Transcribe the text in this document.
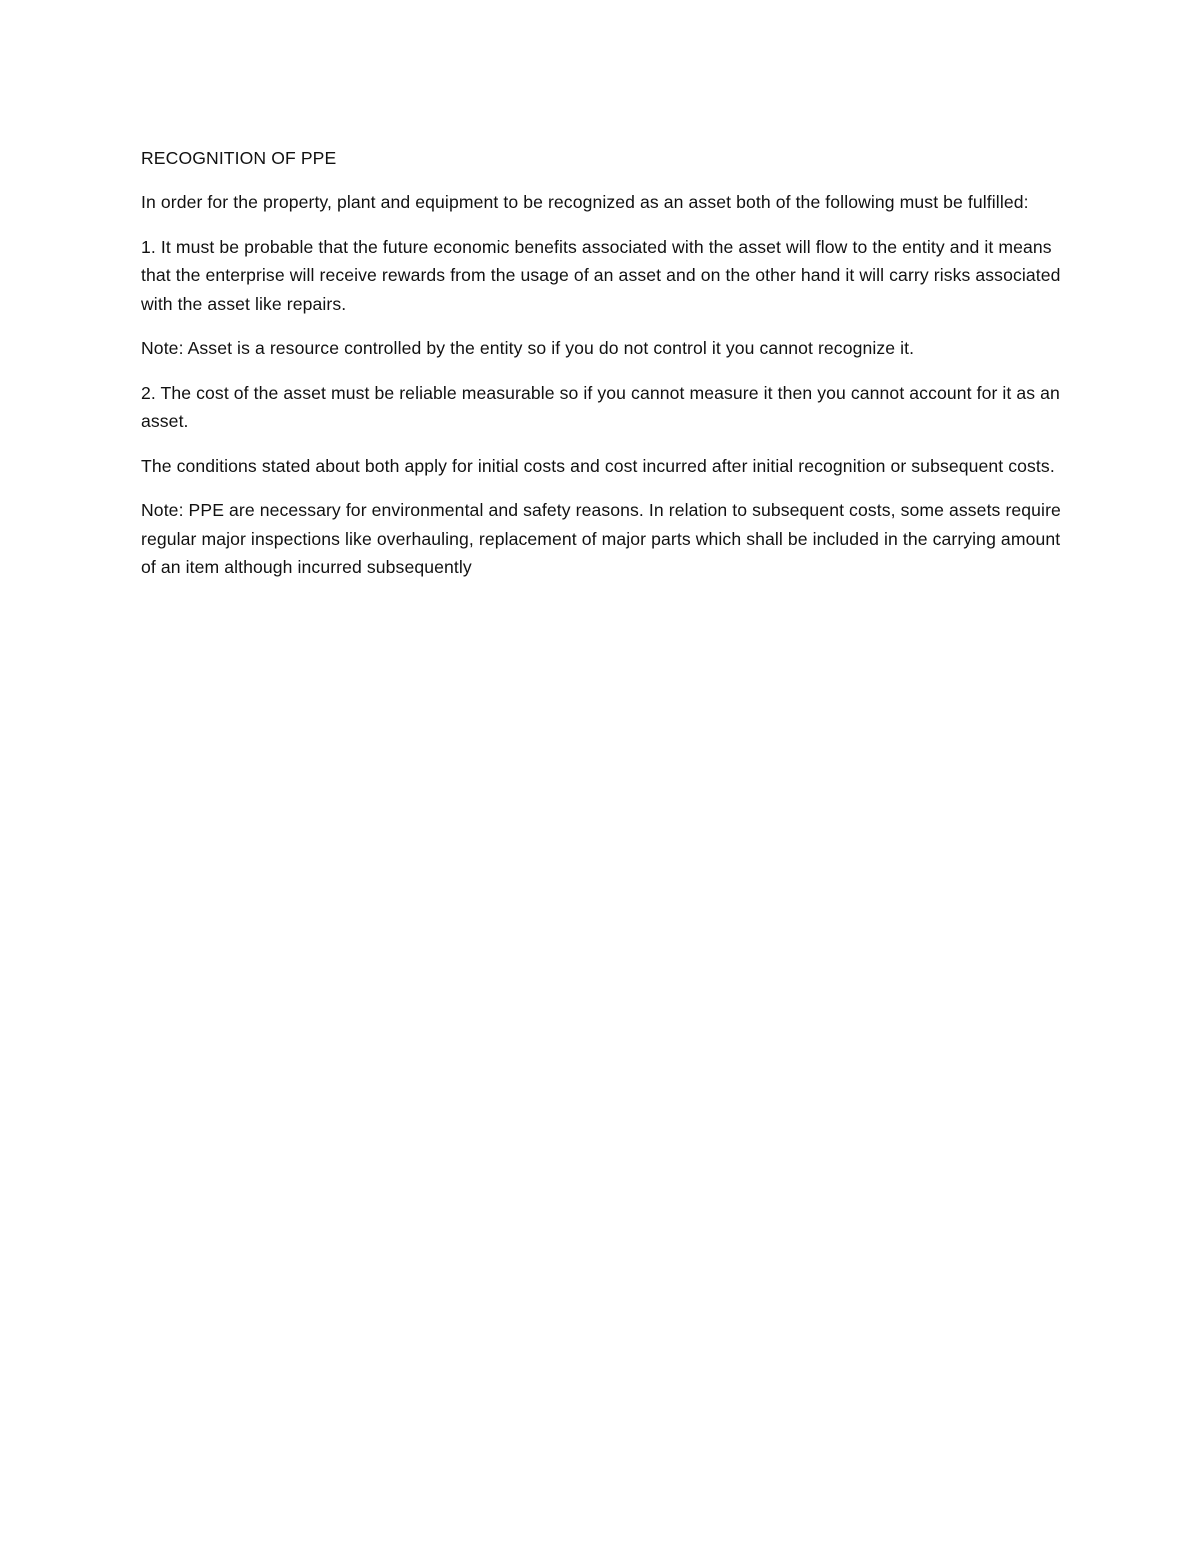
RECOGNITION OF PPE

In order for the property, plant and equipment to be recognized as an asset both of the following must be fulfilled:

1. It must be probable that the future economic benefits associated with the asset will flow to the entity and it means that the enterprise will receive rewards from the usage of an asset and on the other hand it will carry risks associated with the asset like repairs.

Note: Asset is a resource controlled by the entity so if you do not control it you cannot recognize it.

2. The cost of the asset must be reliable measurable so if you cannot measure it then you cannot account for it as an asset.

The conditions stated about both apply for initial costs and cost incurred after initial recognition or subsequent costs.

Note: PPE are necessary for environmental and safety reasons. In relation to subsequent costs, some assets require regular major inspections like overhauling, replacement of major parts which shall be included in the carrying amount of an item although incurred subsequently
